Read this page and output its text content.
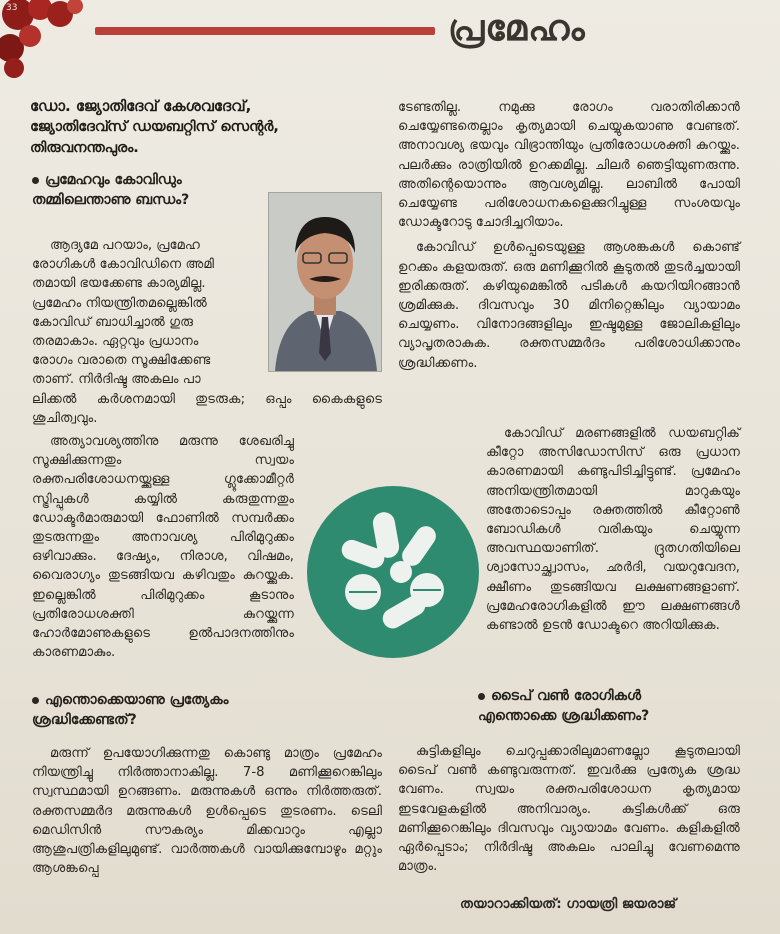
33	പ്രമേഹം
ഡോ. ജ്യോതിദേവ് കേശവദേവ്,
ജ്യോതിദേവ്സ് ഡയബറ്റിസ് സെന്റർ,
തിരുവനന്തപുരം.

പ്രമേഹവും കോവിഡും
തമ്മിലെന്താണു ബന്ധം?

ആദ്യമേ പറയാം, പ്രമേഹ
രോഗികൾ കോവിഡിനെ അമി
തമായി ഭയക്കേണ്ട കാര്യമില്ല.
പ്രമേഹം നിയന്ത്രിതമല്ലെങ്കിൽ
കോവിഡ് ബാധിച്ചാൽ ഗുരു
തരമാകാം. ഏറ്റവും പ്രധാനം
രോഗം വരാതെ സൂക്ഷിക്കേണ്ട
താണ്. നിർദിഷ്ട അകലം പാ

ലിക്കൽ കർശനമായി തുടരുക; ഒപ്പം കൈകളുടെ ശുചിത്വവും.

അത്യാവശ്യത്തിനു മരുന്നു ശേഖരിച്ചു സൂക്ഷിക്കുന്നതും സ്വയം രക്തപരിശോധനയ്ക്കുള്ള ഗ്ലൂക്കോമീറ്റർ സ്ട്രിപ്പുകൾ കയ്യിൽ കരുതുന്നതും ഡോക്ടർമാരുമായി ഫോണിൽ സമ്പർക്കം തുടരുന്നതും അനാവശ്യ പിരിമുറുക്കം ഒഴിവാക്കും. ദേഷ്യം, നിരാശ, വിഷമം, വൈരാഗ്യം തുടങ്ങിയവ കഴിവതും കുറയ്ക്കുക. ഇല്ലെങ്കിൽ പിരിമുറുക്കം കൂടാനും പ്രതിരോധശക്തി കുറയ്ക്കുന്ന ഹോർമോണുകളുടെ ഉൽപാദനത്തിനും കാരണമാകും.

എന്തൊക്കെയാണു പ്രത്യേകം
ശ്രദ്ധിക്കേണ്ടത്?

മരുന്ന് ഉപയോഗിക്കുന്നതു കൊണ്ടു മാത്രം പ്രമേഹം നിയന്ത്രിച്ചു നിർത്താനാകില്ല. 7-8 മണിക്കൂറെങ്കിലും സ്വസ്ഥമായി ഉറങ്ങണം. മരുന്നുകൾ ഒന്നും നിർത്തരുത്. രക്തസമ്മർദ മരുന്നുകൾ ഉൾപ്പെടെ തുടരണം. ടെലി മെഡിസിൻ സൗകര്യം മിക്കവാറും എല്ലാ ആശുപത്രികളിലുമുണ്ട്. വാർത്തകൾ വായിക്കുമ്പോഴും മറ്റും ആശങ്കപ്പെ

ടേണ്ടതില്ല. നമുക്കു രോഗം വരാതിരിക്കാൻ ചെയ്യേണ്ടതെല്ലാം കൃത്യമായി ചെയ്യുകയാണു വേണ്ടത്. അനാവശ്യ ഭയവും വിഭ്രാന്തിയും പ്രതിരോധശക്തി കുറയ്ക്കും. പലർക്കും രാത്രിയിൽ ഉറക്കമില്ല. ചിലർ ഞെട്ടിയുണരുന്നു. അതിന്റെയൊന്നും ആവശ്യമില്ല. ലാബിൽ പോയി ചെയ്യേണ്ട പരിശോധനകളെക്കുറിച്ചുള്ള സംശയവും ഡോക്ടറോടു ചോദിച്ചറിയാം.

കോവിഡ് ഉൾപ്പെടെയുള്ള ആശങ്കകൾ കൊണ്ട് ഉറക്കം കളയരുത്. ഒരു മണിക്കൂറിൽ കൂടുതൽ തുടർച്ചയായി ഇരിക്കരുത്. കഴിയുമെങ്കിൽ പടികൾ കയറിയിറങ്ങാൻ ശ്രമിക്കുക. ദിവസവും 30 മിനിറ്റെങ്കിലും വ്യായാമം ചെയ്യണം. വിനോദങ്ങളിലും ഇഷ്ടമുള്ള ജോലികളിലും വ്യാപൃതരാകുക. രക്തസമ്മർദം പരിശോധിക്കാനും ശ്രദ്ധിക്കണം.

കോവിഡ് മരണങ്ങളിൽ ഡയബറ്റിക് കീറ്റോ അസിഡോസിസ് ഒരു പ്രധാന കാരണമായി കണ്ടുപിടിച്ചിട്ടുണ്ട്. പ്രമേഹം അനിയന്ത്രിതമായി മാറുകയും അതോടൊപ്പം രക്തത്തിൽ കീറ്റോൺ ബോഡികൾ വരികയും ചെയ്യുന്ന അവസ്ഥയാണിത്. ദ്രുതഗതിയിലെ ശ്വാസോച്ഛ്വാസം, ഛർദി, വയറുവേദന, ക്ഷീണം തുടങ്ങിയവ ലക്ഷണങ്ങളാണ്. പ്രമേഹരോഗികളിൽ ഈ ലക്ഷണങ്ങൾ കണ്ടാൽ ഉടൻ ഡോക്ടറെ അറിയിക്കുക.

ടൈപ് വൺ രോഗികൾ
എന്തൊക്കെ ശ്രദ്ധിക്കണം?

കുട്ടികളിലും ചെറുപ്പക്കാരിലുമാണല്ലോ കൂടുതലായി ടൈപ് വൺ കണ്ടുവരുന്നത്. ഇവർക്കു പ്രത്യേക ശ്രദ്ധ വേണം. സ്വയം രക്തപരിശോധന കൃത്യമായ ഇടവേളകളിൽ അനിവാര്യം. കുട്ടികൾക്ക് ഒരു മണിക്കൂറെങ്കിലും ദിവസവും വ്യായാമം വേണം. കളികളിൽ ഏർപ്പെടാം; നിർദിഷ്ട അകലം പാലിച്ചു വേണമെന്നു മാത്രം.

തയാറാക്കിയത്: ഗായത്രി ജയരാജ്
